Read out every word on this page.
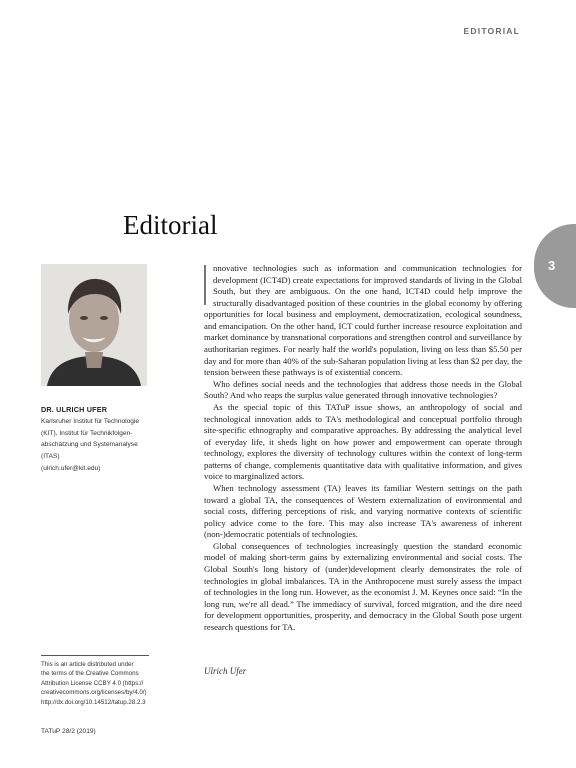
EDITORIAL
3
Editorial
DR. ULRICH UFER
Karlsruher Institut für Technologie
(KIT), Institut für Technikfolgen-
abschätzung und Systemanalyse
(ITAS)
(ulrich.ufer@kit.edu)

nnovative technologies such as information and communication technologies for development (ICT4D) create expectations for improved standards of living in the Global South, but they are ambiguous. On the one hand, ICT4D could help improve the structurally disadvantaged position of these countries in the global economy by offering opportunities for local business and employment, democratization, ecological soundness, and emancipation. On the other hand, ICT could further increase resource exploitation and market dominance by transnational corporations and strengthen control and surveillance by authoritarian regimes. For nearly half the world's population, living on less than $5.50 per day and for more than 40% of the sub-Saharan population living at less than $2 per day, the tension between these pathways is of existential concern.

Who defines social needs and the technologies that address those needs in the Global South? And who reaps the surplus value generated through innovative technologies?

As the special topic of this TATuP issue shows, an anthropology of social and technological innovation adds to TA's methodological and conceptual portfolio through site-specific ethnography and comparative approaches. By addressing the analytical level of everyday life, it sheds light on how power and empowerment can operate through technology, explores the diversity of technology cultures within the context of long-term patterns of change, complements quantitative data with qualitative information, and gives voice to marginalized actors.

When technology assessment (TA) leaves its familiar Western settings on the path toward a global TA, the consequences of Western externalization of environmental and social costs, differing perceptions of risk, and varying normative contexts of scientific policy advice come to the fore. This may also increase TA's awareness of inherent (non-)democratic potentials of technologies.

Global consequences of technologies increasingly question the standard economic model of making short-term gains by externalizing environmental and social costs. The Global South's long history of (under)development clearly demonstrates the role of technologies in global imbalances. TA in the Anthropocene must surely assess the impact of technologies in the long run. However, as the economist J. M. Keynes once said: “In the long run, we're all dead.” The immediacy of survival, forced migration, and the dire need for development opportunities, prosperity, and democracy in the Global South pose urgent research questions for TA.

Ulrich Ufer
This is an article distributed under
the terms of the Creative Commons
Attribution License CCBY 4.0 (https://
creativecommons.org/licenses/by/4.0/)
http://dx.doi.org/10.14512/tatup.28.2.3
TATuP 28/2 (2019)
